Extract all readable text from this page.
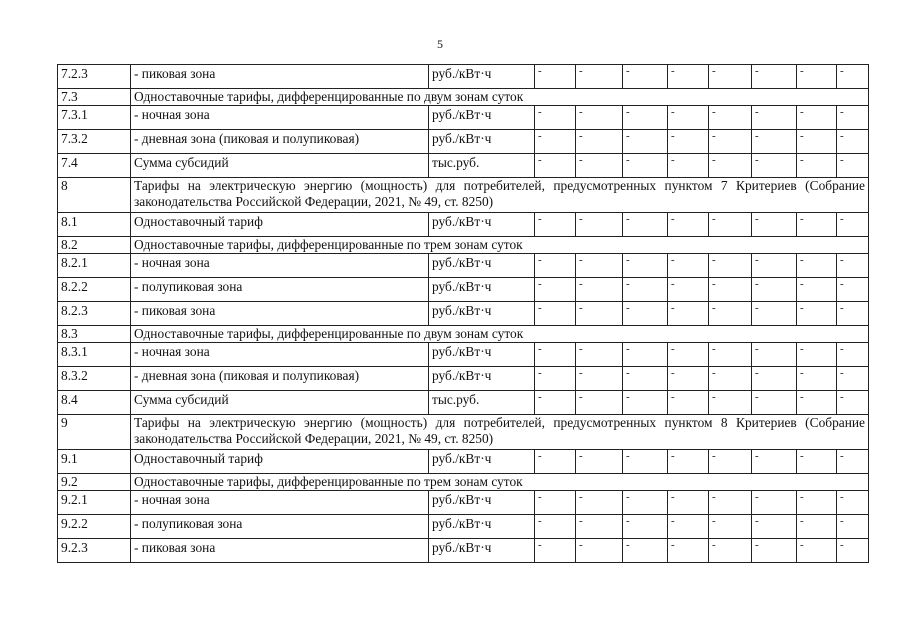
5
7.2.3	- пиковая зона	руб./кВт·ч	-	-	-	-	-	-	-	-
7.3	Одноставочные тарифы, дифференцированные по двум зонам суток									
7.3.1	- ночная зона	руб./кВт·ч	-	-	-	-	-	-	-	-
7.3.2	- дневная зона (пиковая и полупиковая)	руб./кВт·ч	-	-	-	-	-	-	-	-
7.4	Сумма субсидий	тыс.руб.	-	-	-	-	-	-	-	-
8	Тарифы на электрическую энергию (мощность) для потребителей, предусмотренных пунктом 7 Критериев (Собрание законодательства Российской Федерации, 2021, № 49, ст. 8250)									
8.1	Одноставочный тариф	руб./кВт·ч	-	-	-	-	-	-	-	-
8.2	Одноставочные тарифы, дифференцированные по трем зонам суток									
8.2.1	- ночная зона	руб./кВт·ч	-	-	-	-	-	-	-	-
8.2.2	- полупиковая зона	руб./кВт·ч	-	-	-	-	-	-	-	-
8.2.3	- пиковая зона	руб./кВт·ч	-	-	-	-	-	-	-	-
8.3	Одноставочные тарифы, дифференцированные по двум зонам суток									
8.3.1	- ночная зона	руб./кВт·ч	-	-	-	-	-	-	-	-
8.3.2	- дневная зона (пиковая и полупиковая)	руб./кВт·ч	-	-	-	-	-	-	-	-
8.4	Сумма субсидий	тыс.руб.	-	-	-	-	-	-	-	-
9	Тарифы на электрическую энергию (мощность) для потребителей, предусмотренных пунктом 8 Критериев (Собрание законодательства Российской Федерации, 2021, № 49, ст. 8250)									
9.1	Одноставочный тариф	руб./кВт·ч	-	-	-	-	-	-	-	-
9.2	Одноставочные тарифы, дифференцированные по трем зонам суток									
9.2.1	- ночная зона	руб./кВт·ч	-	-	-	-	-	-	-	-
9.2.2	- полупиковая зона	руб./кВт·ч	-	-	-	-	-	-	-	-
9.2.3	- пиковая зона	руб./кВт·ч	-	-	-	-	-	-	-	-
